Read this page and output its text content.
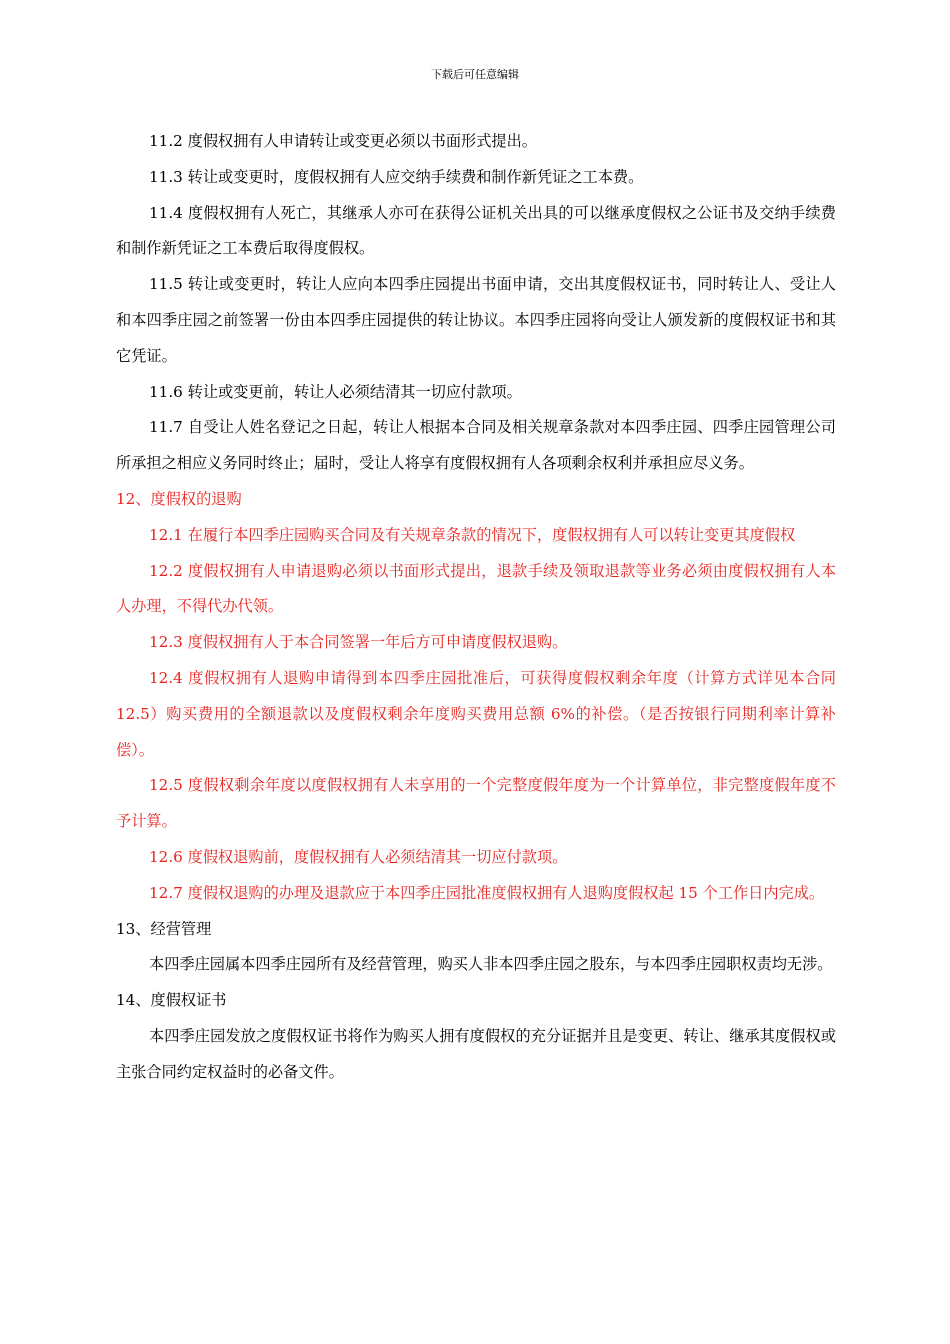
下载后可任意编辑

11.2 度假权拥有人申请转让或变更必须以书面形式提出。

11.3 转让或变更时，度假权拥有人应交纳手续费和制作新凭证之工本费。

11.4 度假权拥有人死亡，其继承人亦可在获得公证机关出具的可以继承度假权之公证书及交纳手续费和制作新凭证之工本费后取得度假权。

11.5 转让或变更时，转让人应向本四季庄园提出书面申请，交出其度假权证书，同时转让人、受让人和本四季庄园之前签署一份由本四季庄园提供的转让协议。本四季庄园将向受让人颁发新的度假权证书和其它凭证。

11.6 转让或变更前，转让人必须结清其一切应付款项。

11.7 自受让人姓名登记之日起，转让人根据本合同及相关规章条款对本四季庄园、四季庄园管理公司所承担之相应义务同时终止；届时，受让人将享有度假权拥有人各项剩余权利并承担应尽义务。

12、度假权的退购

12.1 在履行本四季庄园购买合同及有关规章条款的情况下，度假权拥有人可以转让变更其度假权

12.2 度假权拥有人申请退购必须以书面形式提出，退款手续及领取退款等业务必须由度假权拥有人本人办理，不得代办代领。

12.3 度假权拥有人于本合同签署一年后方可申请度假权退购。

12.4 度假权拥有人退购申请得到本四季庄园批准后，可获得度假权剩余年度（计算方式详见本合同 12.5）购买费用的全额退款以及度假权剩余年度购买费用总额 6%的补偿。（是否按银行同期利率计算补偿）。

12.5 度假权剩余年度以度假权拥有人未享用的一个完整度假年度为一个计算单位，非完整度假年度不予计算。

12.6 度假权退购前，度假权拥有人必须结清其一切应付款项。

12.7 度假权退购的办理及退款应于本四季庄园批准度假权拥有人退购度假权起 15 个工作日内完成。

13、经营管理

本四季庄园属本四季庄园所有及经营管理，购买人非本四季庄园之股东，与本四季庄园职权责均无涉。

14、度假权证书

本四季庄园发放之度假权证书将作为购买人拥有度假权的充分证据并且是变更、转让、继承其度假权或主张合同约定权益时的必备文件。
